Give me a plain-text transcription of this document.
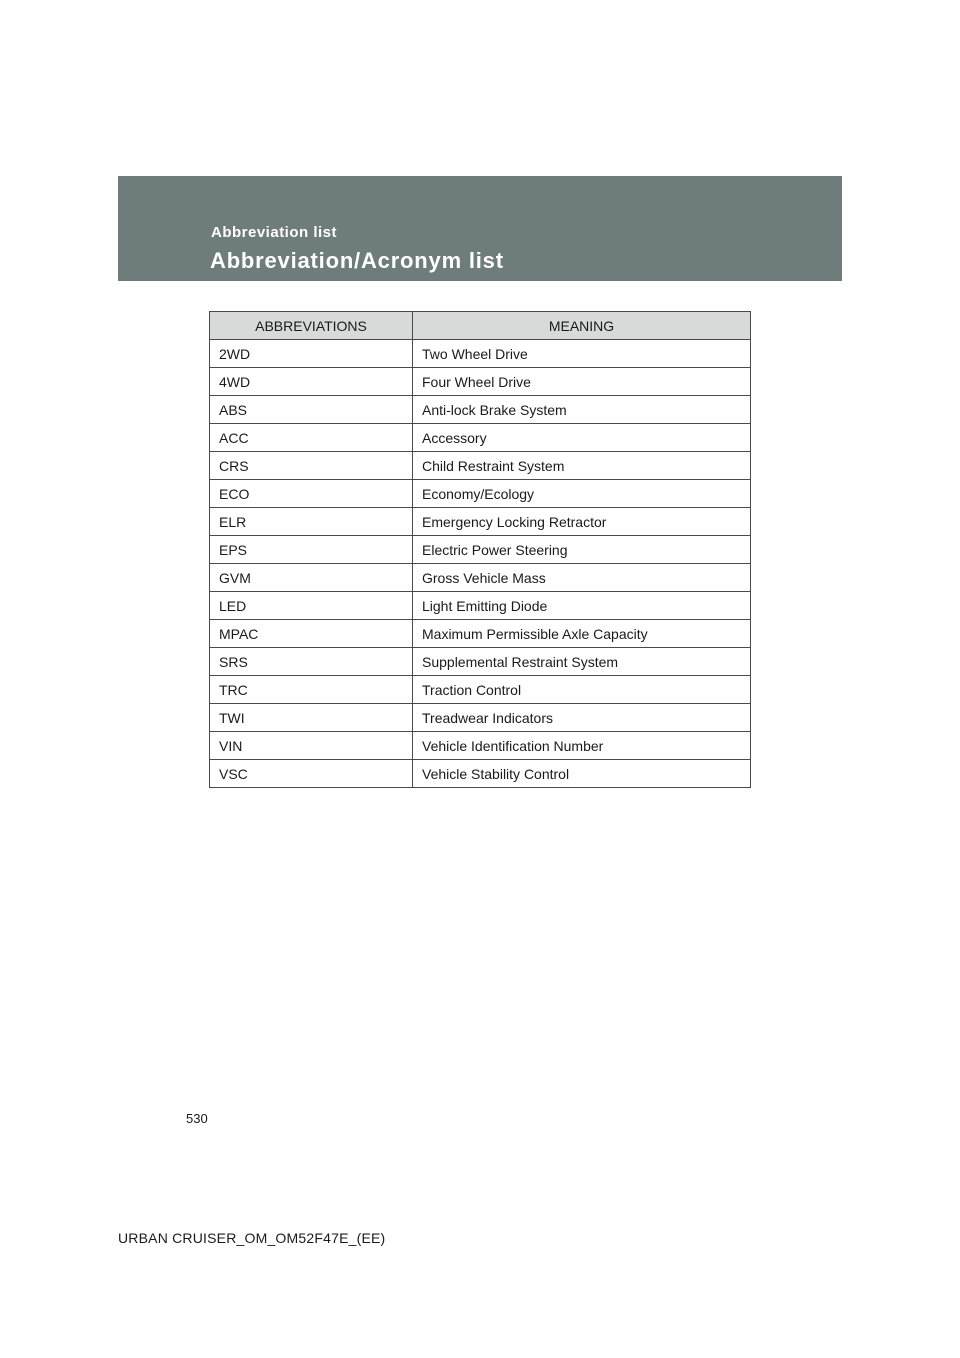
Abbreviation list
Abbreviation/Acronym list
ABBREVIATIONS	MEANING
2WD	Two Wheel Drive
4WD	Four Wheel Drive
ABS	Anti-lock Brake System
ACC	Accessory
CRS	Child Restraint System
ECO	Economy/Ecology
ELR	Emergency Locking Retractor
EPS	Electric Power Steering
GVM	Gross Vehicle Mass
LED	Light Emitting Diode
MPAC	Maximum Permissible Axle Capacity
SRS	Supplemental Restraint System
TRC	Traction Control
TWI	Treadwear Indicators
VIN	Vehicle Identification Number
VSC	Vehicle Stability Control
530
URBAN CRUISER_OM_OM52F47E_(EE)
